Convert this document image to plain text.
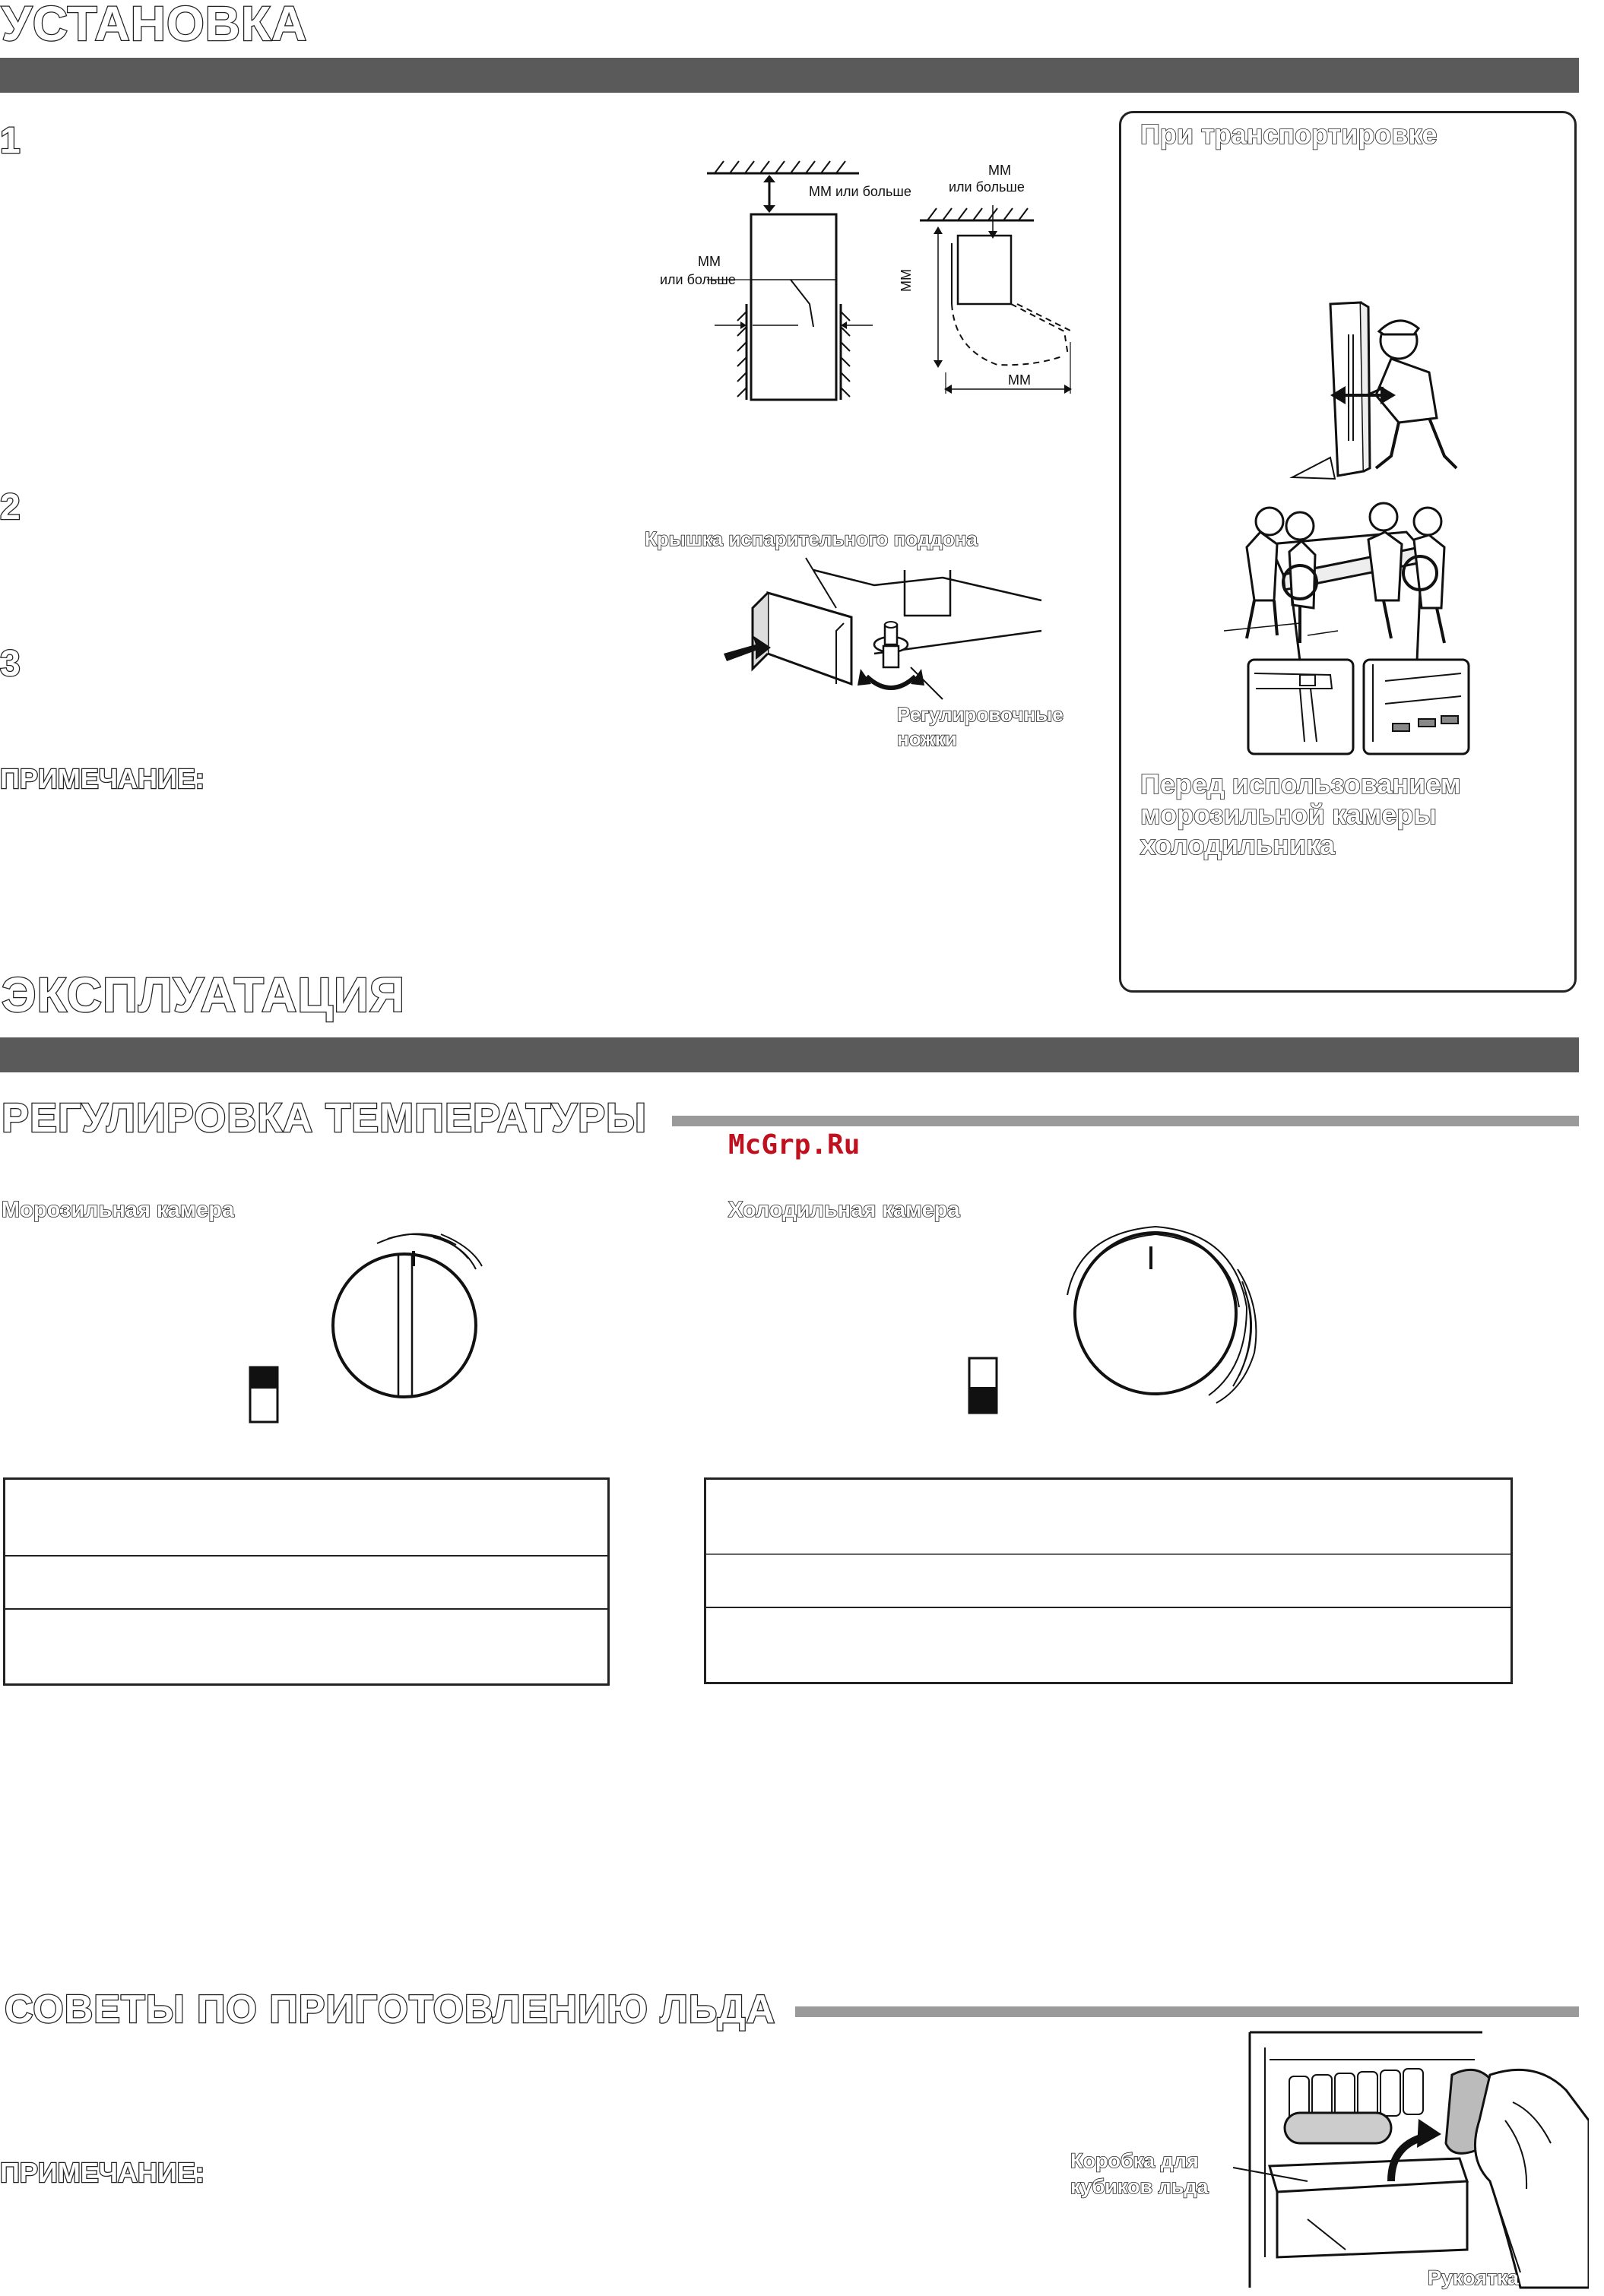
УСТАНОВКА
1
2
3
ПРИМЕЧАНИЕ:
ММ или больше
ММ
или больше
ММ
или больше	ММ
ММ
Крышка испарительного поддона
Регулировочные ножки
При транспортировке
Перед использованием морозильной камеры холодильника
ЭКСПЛУАТАЦИЯ
РЕГУЛИРОВКА ТЕМПЕРАТУРЫ
McGrp.Ru
Морозильная камера	Холодильная камера
СОВЕТЫ ПО ПРИГОТОВЛЕНИЮ ЛЬДА
ПРИМЕЧАНИЕ:	Коробка для кубиков льда
Рукоятка
